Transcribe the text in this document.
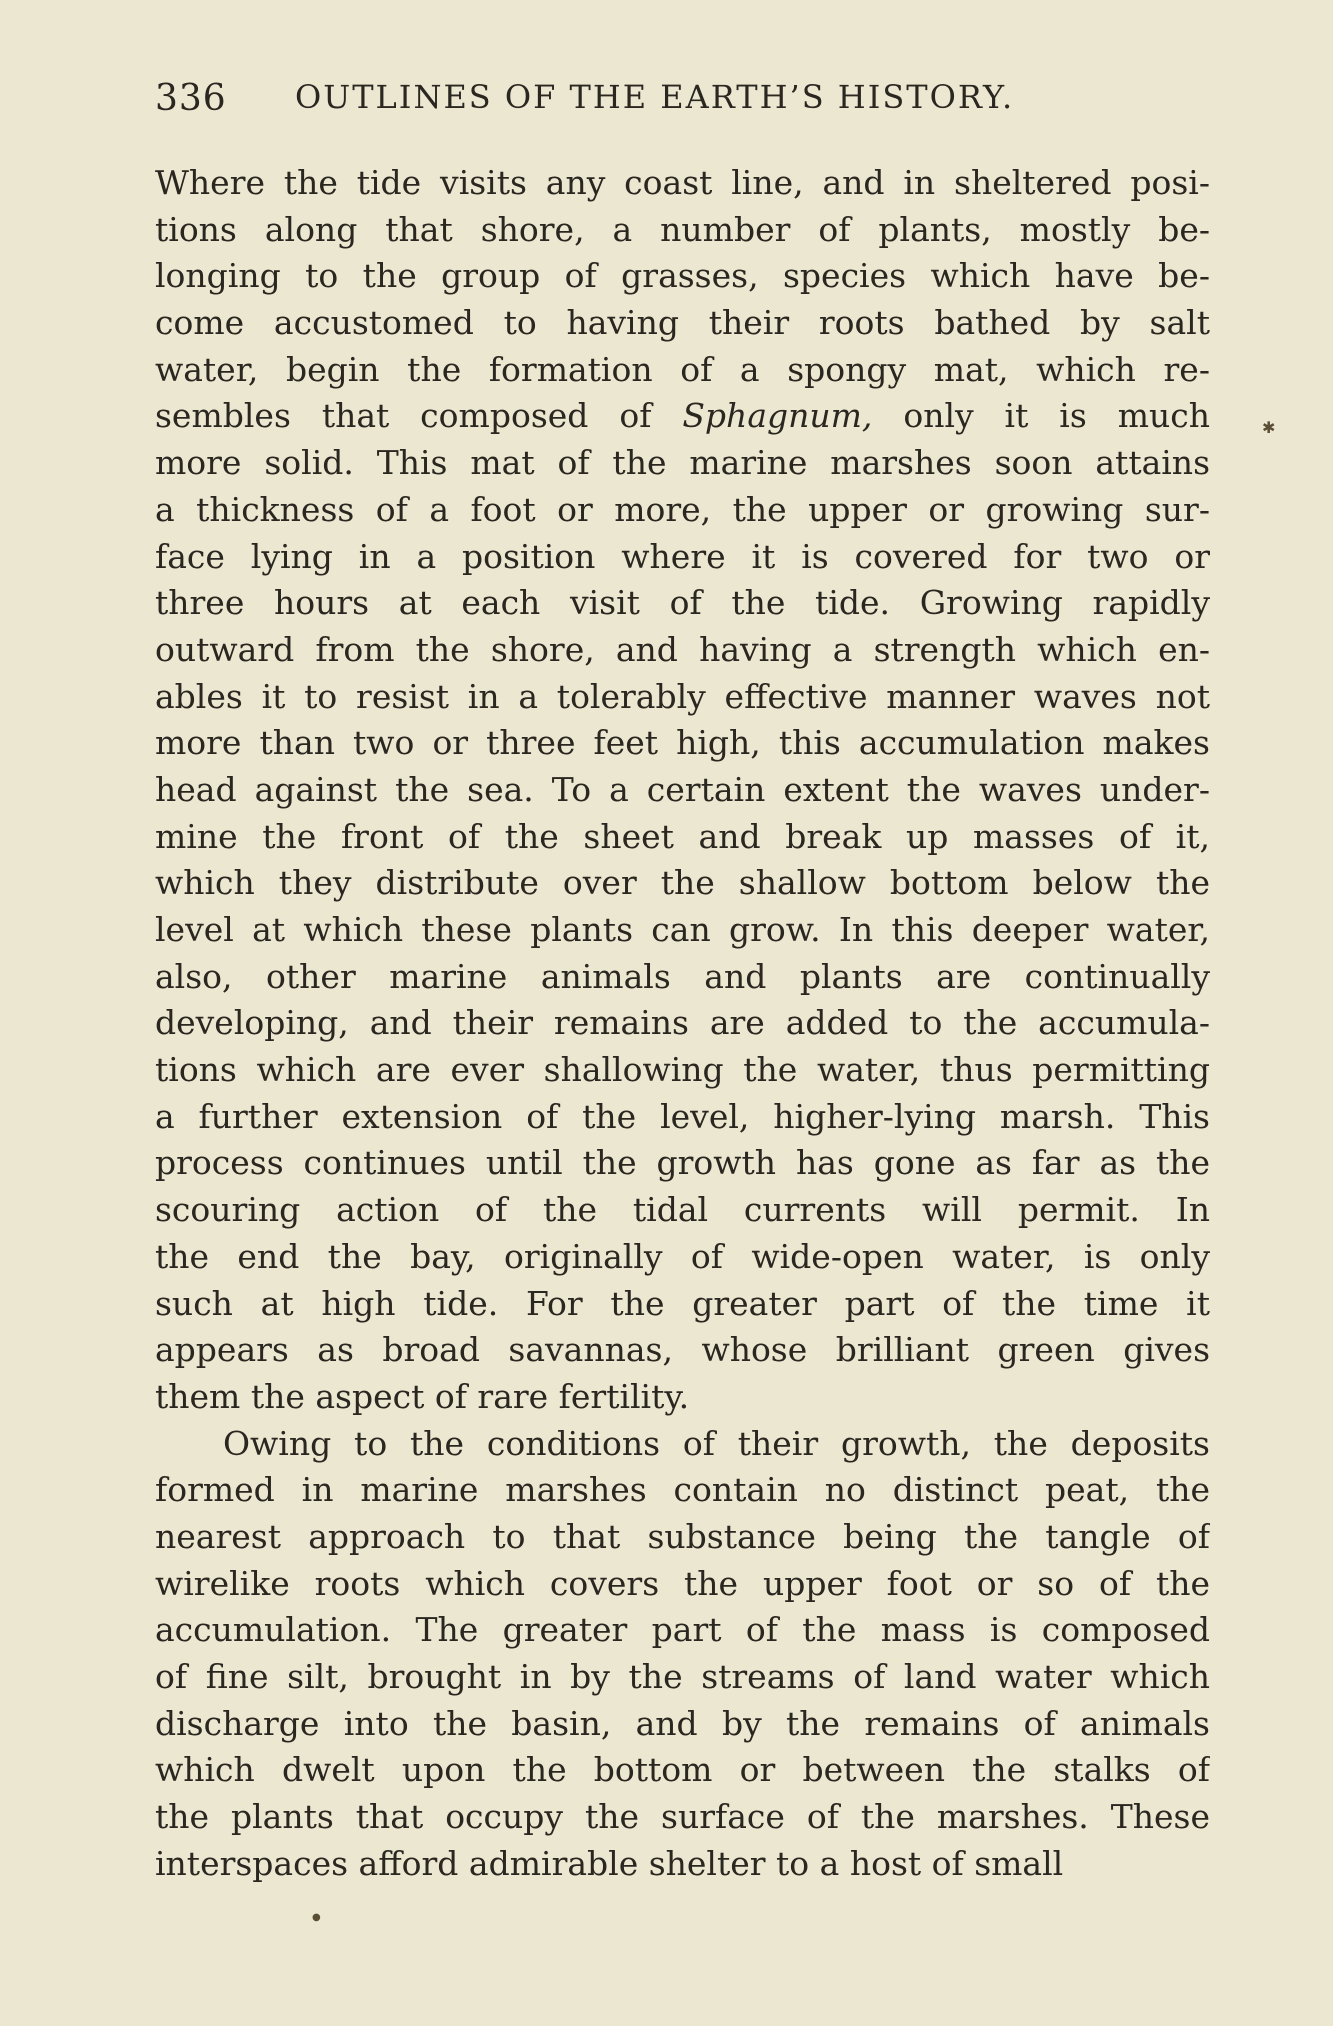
336 OUTLINES OF THE EARTH’S HISTORY.
Where the tide visits any coast line, and in sheltered posi-
tions along that shore, a number of plants, mostly be-
longing to the group of grasses, species which have be-
come accustomed to having their roots bathed by salt
water, begin the formation of a spongy mat, which re-
sembles that composed of Sphagnum, only it is much
more solid. This mat of the marine marshes soon attains
a thickness of a foot or more, the upper or growing sur-
face lying in a position where it is covered for two or
three hours at each visit of the tide. Growing rapidly
outward from the shore, and having a strength which en-
ables it to resist in a tolerably effective manner waves not
more than two or three feet high, this accumulation makes
head against the sea. To a certain extent the waves under-
mine the front of the sheet and break up masses of it,
which they distribute over the shallow bottom below the
level at which these plants can grow. In this deeper water,
also, other marine animals and plants are continually
developing, and their remains are added to the accumula-
tions which are ever shallowing the water, thus permitting
a further extension of the level, higher-lying marsh. This
process continues until the growth has gone as far as the
scouring action of the tidal currents will permit. In
the end the bay, originally of wide-open water, is only
such at high tide. For the greater part of the time it
appears as broad savannas, whose brilliant green gives
them the aspect of rare fertility.
Owing to the conditions of their growth, the deposits
formed in marine marshes contain no distinct peat, the
nearest approach to that substance being the tangle of
wirelike roots which covers the upper foot or so of the
accumulation. The greater part of the mass is composed
of fine silt, brought in by the streams of land water which
discharge into the basin, and by the remains of animals
which dwelt upon the bottom or between the stalks of
the plants that occupy the surface of the marshes. These
interspaces afford admirable shelter to a host of small
✱
●
